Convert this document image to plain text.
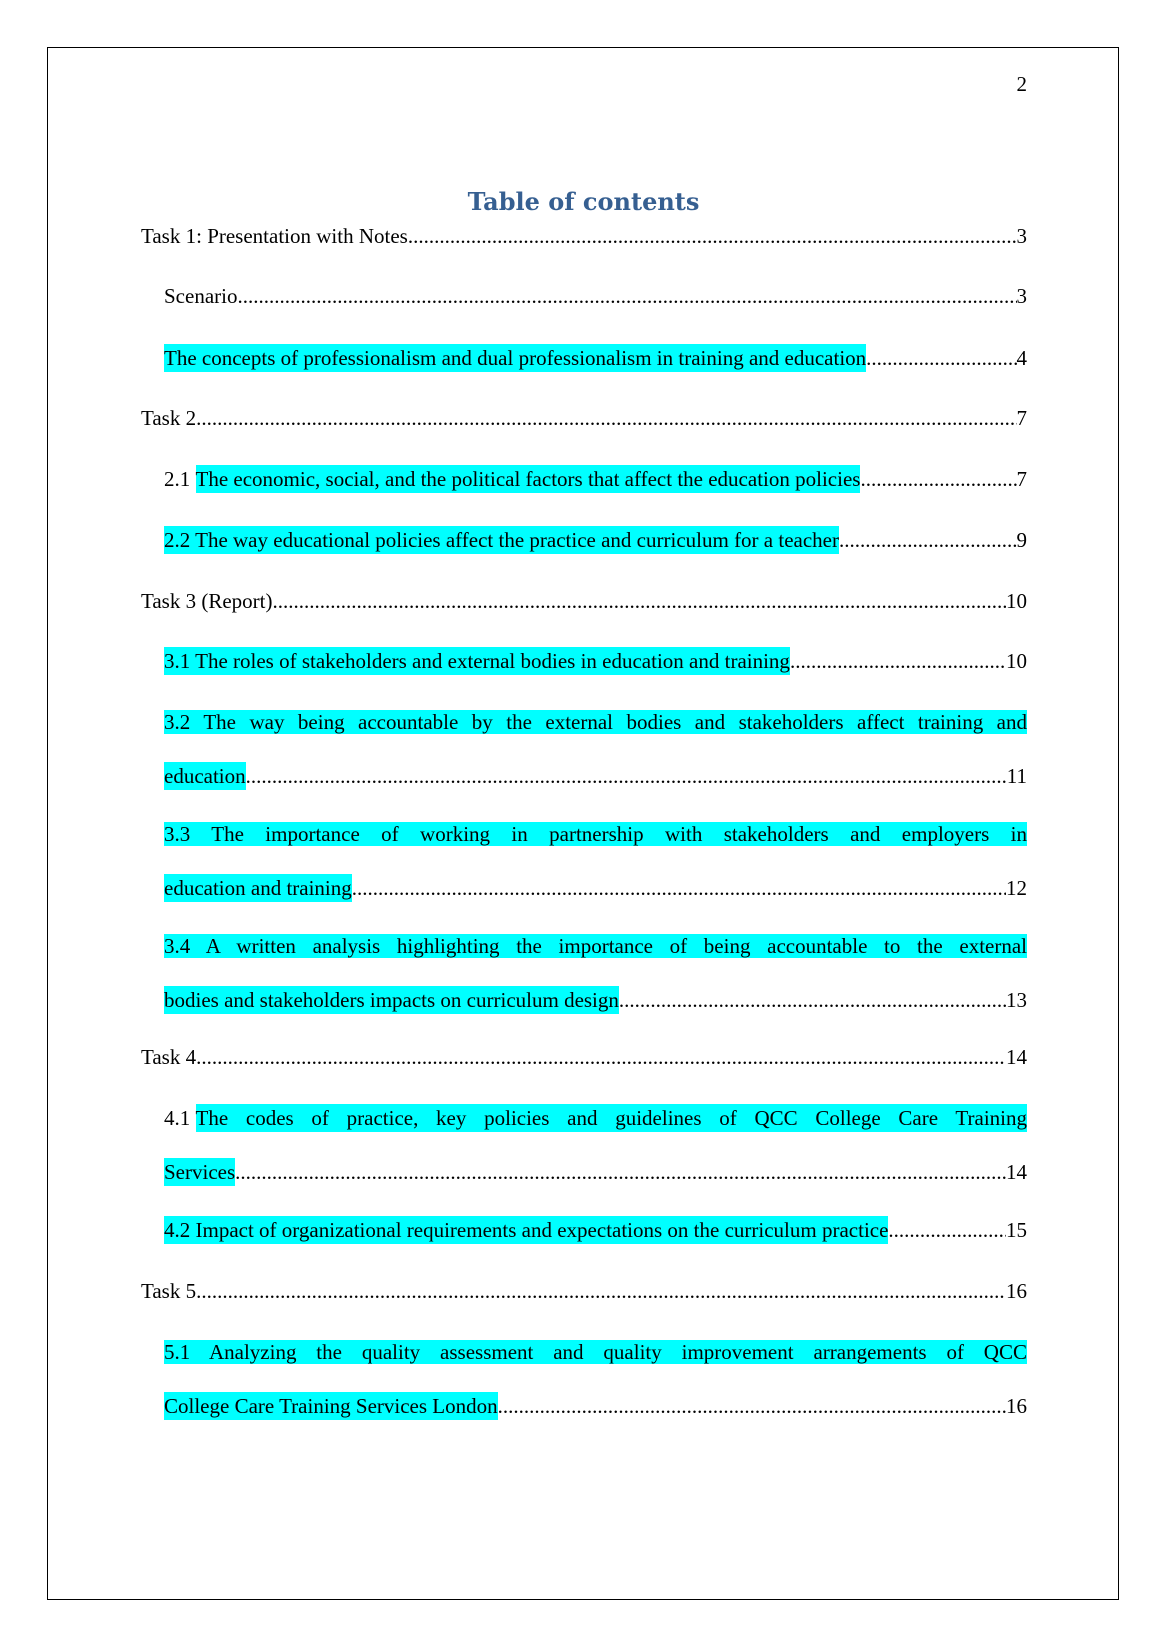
2
Table of contents
Task 1: Presentation with Notes .....	3
Scenario .....	3
The concepts of professionalism and dual professionalism in training and education .....	4
Task 2 .....	7
2.1 The economic, social, and the political factors that affect the education policies .....	7
2.2 The way educational policies affect the practice and curriculum for a teacher .....	9
Task 3 (Report) .....	10
3.1 The roles of stakeholders and external bodies in education and training .....	10
3.2 The way being accountable by the external bodies and stakeholders affect training and
education .....	11
3.3 The importance of working in partnership with stakeholders and employers in
education and training .....	12
3.4 A written analysis highlighting the importance of being accountable to the external
bodies and stakeholders impacts on curriculum design .....	13
Task 4 .....	14
4.1 The codes of practice, key policies and guidelines of QCC College Care Training
Services .....	14
4.2 Impact of organizational requirements and expectations on the curriculum practice .....	15
Task 5 .....	16
5.1 Analyzing the quality assessment and quality improvement arrangements of QCC
College Care Training Services London .....	16
